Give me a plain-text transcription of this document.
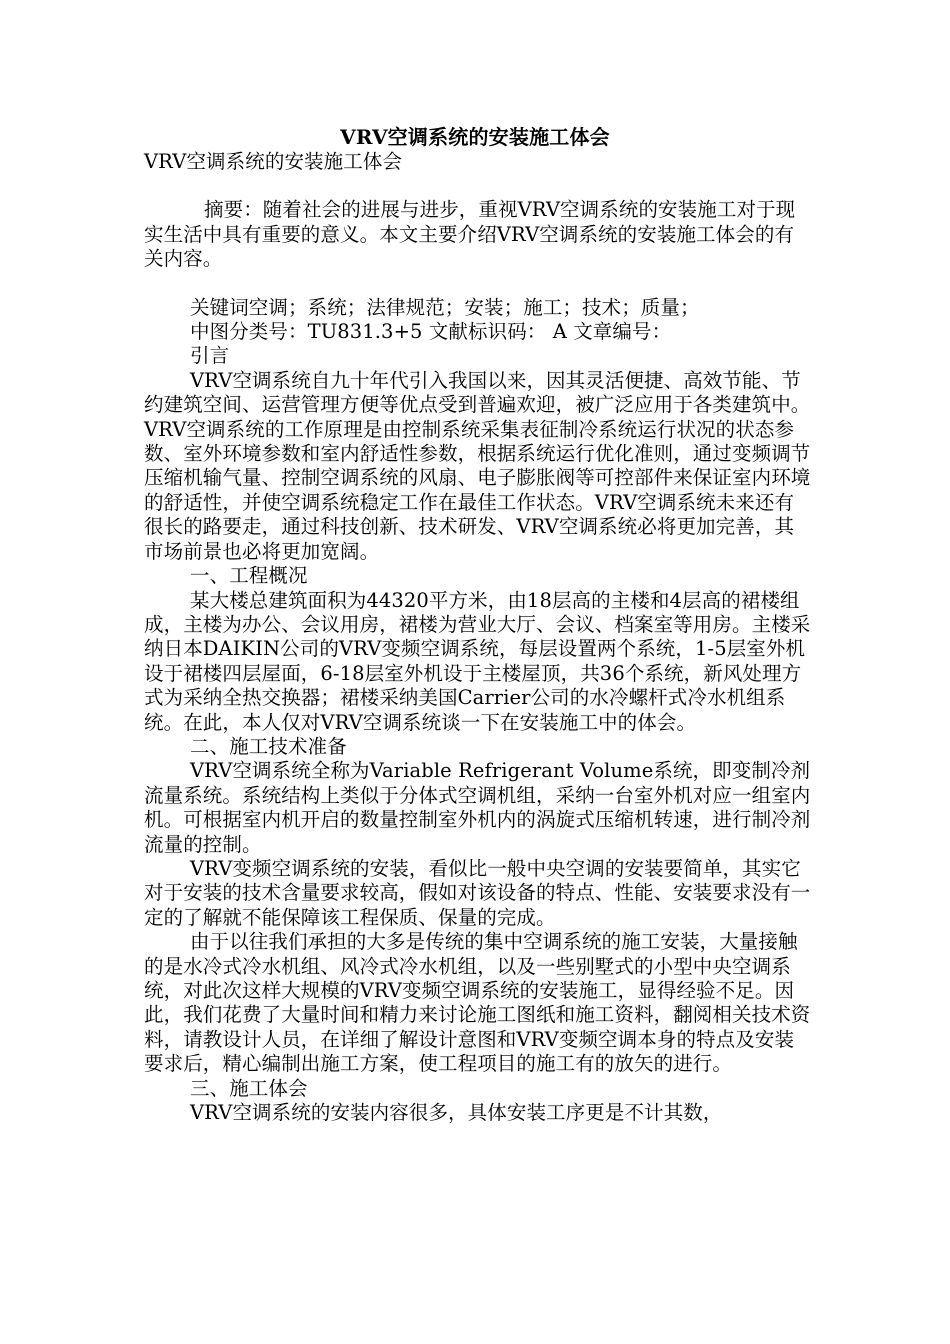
VRV空调系统的安装施工体会

VRV空调系统的安装施工体会

摘要：随着社会的进展与进步，重视VRV空调系统的安装施工对于现实生活中具有重要的意义。本文主要介绍VRV空调系统的安装施工体会的有关内容。

关键词空调；系统；法律规范；安装；施工；技术；质量；

中图分类号：TU831.3+5 文献标识码： A 文章编号：

引言

VRV空调系统自九十年代引入我国以来，因其灵活便捷、高效节能、节约建筑空间、运营管理方便等优点受到普遍欢迎，被广泛应用于各类建筑中。VRV空调系统的工作原理是由控制系统采集表征制冷系统运行状况的状态参数、室外环境参数和室内舒适性参数，根据系统运行优化准则，通过变频调节压缩机输气量、控制空调系统的风扇、电子膨胀阀等可控部件来保证室内环境的舒适性，并使空调系统稳定工作在最佳工作状态。VRV空调系统未来还有很长的路要走，通过科技创新、技术研发、VRV空调系统必将更加完善，其市场前景也必将更加宽阔。

一、工程概况

某大楼总建筑面积为44320平方米，由18层高的主楼和4层高的裙楼组成，主楼为办公、会议用房，裙楼为营业大厅、会议、档案室等用房。主楼采纳日本DAIKIN公司的VRV变频空调系统，每层设置两个系统，1-5层室外机设于裙楼四层屋面，6-18层室外机设于主楼屋顶，共36个系统，新风处理方式为采纳全热交换器；裙楼采纳美国Carrier公司的水冷螺杆式冷水机组系统。在此，本人仅对VRV空调系统谈一下在安装施工中的体会。

二、施工技术准备

VRV空调系统全称为Variable Refrigerant Volume系统，即变制冷剂流量系统。系统结构上类似于分体式空调机组，采纳一台室外机对应一组室内机。可根据室内机开启的数量控制室外机内的涡旋式压缩机转速，进行制冷剂流量的控制。

VRV变频空调系统的安装，看似比一般中央空调的安装要简单，其实它对于安装的技术含量要求较高，假如对该设备的特点、性能、安装要求没有一定的了解就不能保障该工程保质、保量的完成。

由于以往我们承担的大多是传统的集中空调系统的施工安装，大量接触的是水冷式冷水机组、风冷式冷水机组，以及一些别墅式的小型中央空调系统，对此次这样大规模的VRV变频空调系统的安装施工，显得经验不足。因此，我们花费了大量时间和精力来讨论施工图纸和施工资料，翻阅相关技术资料，请教设计人员，在详细了解设计意图和VRV变频空调本身的特点及安装要求后，精心编制出施工方案，使工程项目的施工有的放矢的进行。

三、施工体会

VRV空调系统的安装内容很多，具体安装工序更是不计其数，
